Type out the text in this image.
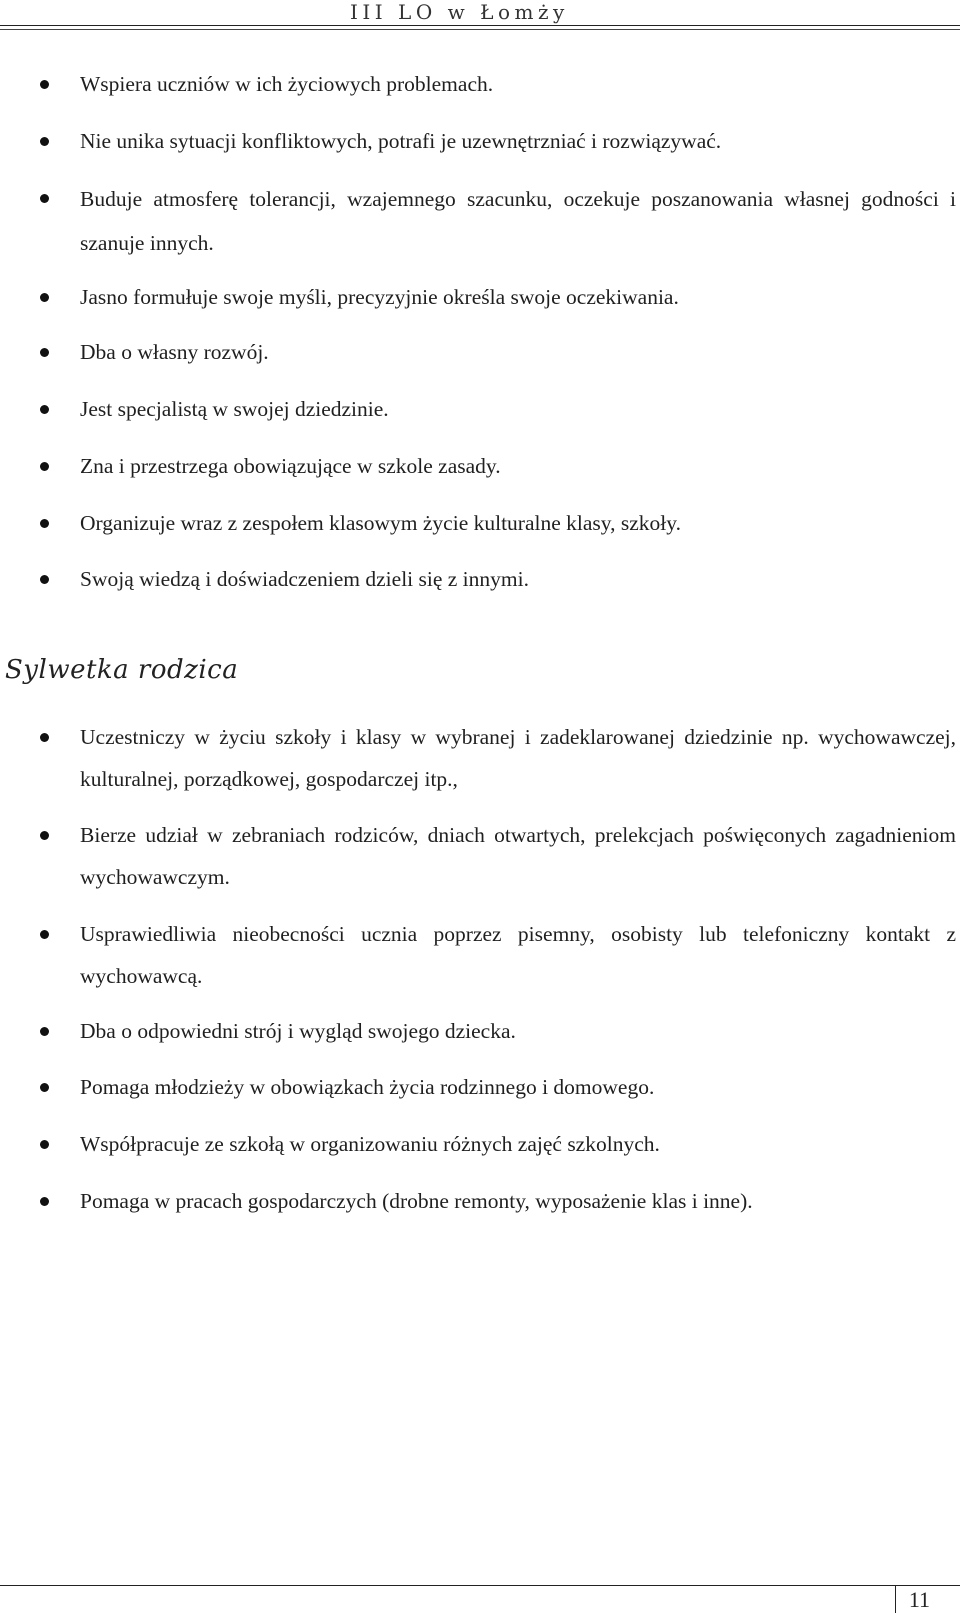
III LO w Łomży
Wspiera uczniów w ich życiowych problemach.
Nie unika sytuacji konfliktowych, potrafi je uzewnętrzniać i rozwiązywać.
Buduje atmosferę tolerancji, wzajemnego szacunku, oczekuje poszanowania własnej godności i szanuje innych.
Jasno formułuje swoje myśli, precyzyjnie określa swoje oczekiwania.
Dba o własny rozwój.
Jest specjalistą w swojej dziedzinie.
Zna i przestrzega obowiązujące w szkole zasady.
Organizuje wraz z zespołem klasowym życie kulturalne klasy, szkoły.
Swoją wiedzą i doświadczeniem dzieli się z innymi.
Sylwetka rodzica
Uczestniczy w życiu szkoły i klasy w wybranej i zadeklarowanej dziedzinie np. wychowawczej, kulturalnej, porządkowej, gospodarczej itp.,
Bierze udział w zebraniach rodziców, dniach otwartych, prelekcjach poświęconych zagadnieniom wychowawczym.
Usprawiedliwia nieobecności ucznia poprzez pisemny, osobisty lub telefoniczny kontakt z wychowawcą.
Dba o odpowiedni strój i wygląd swojego dziecka.
Pomaga młodzieży w obowiązkach życia rodzinnego i domowego.
Współpracuje ze szkołą w organizowaniu różnych zajęć szkolnych.
Pomaga w pracach gospodarczych (drobne remonty, wyposażenie klas i inne).
11
